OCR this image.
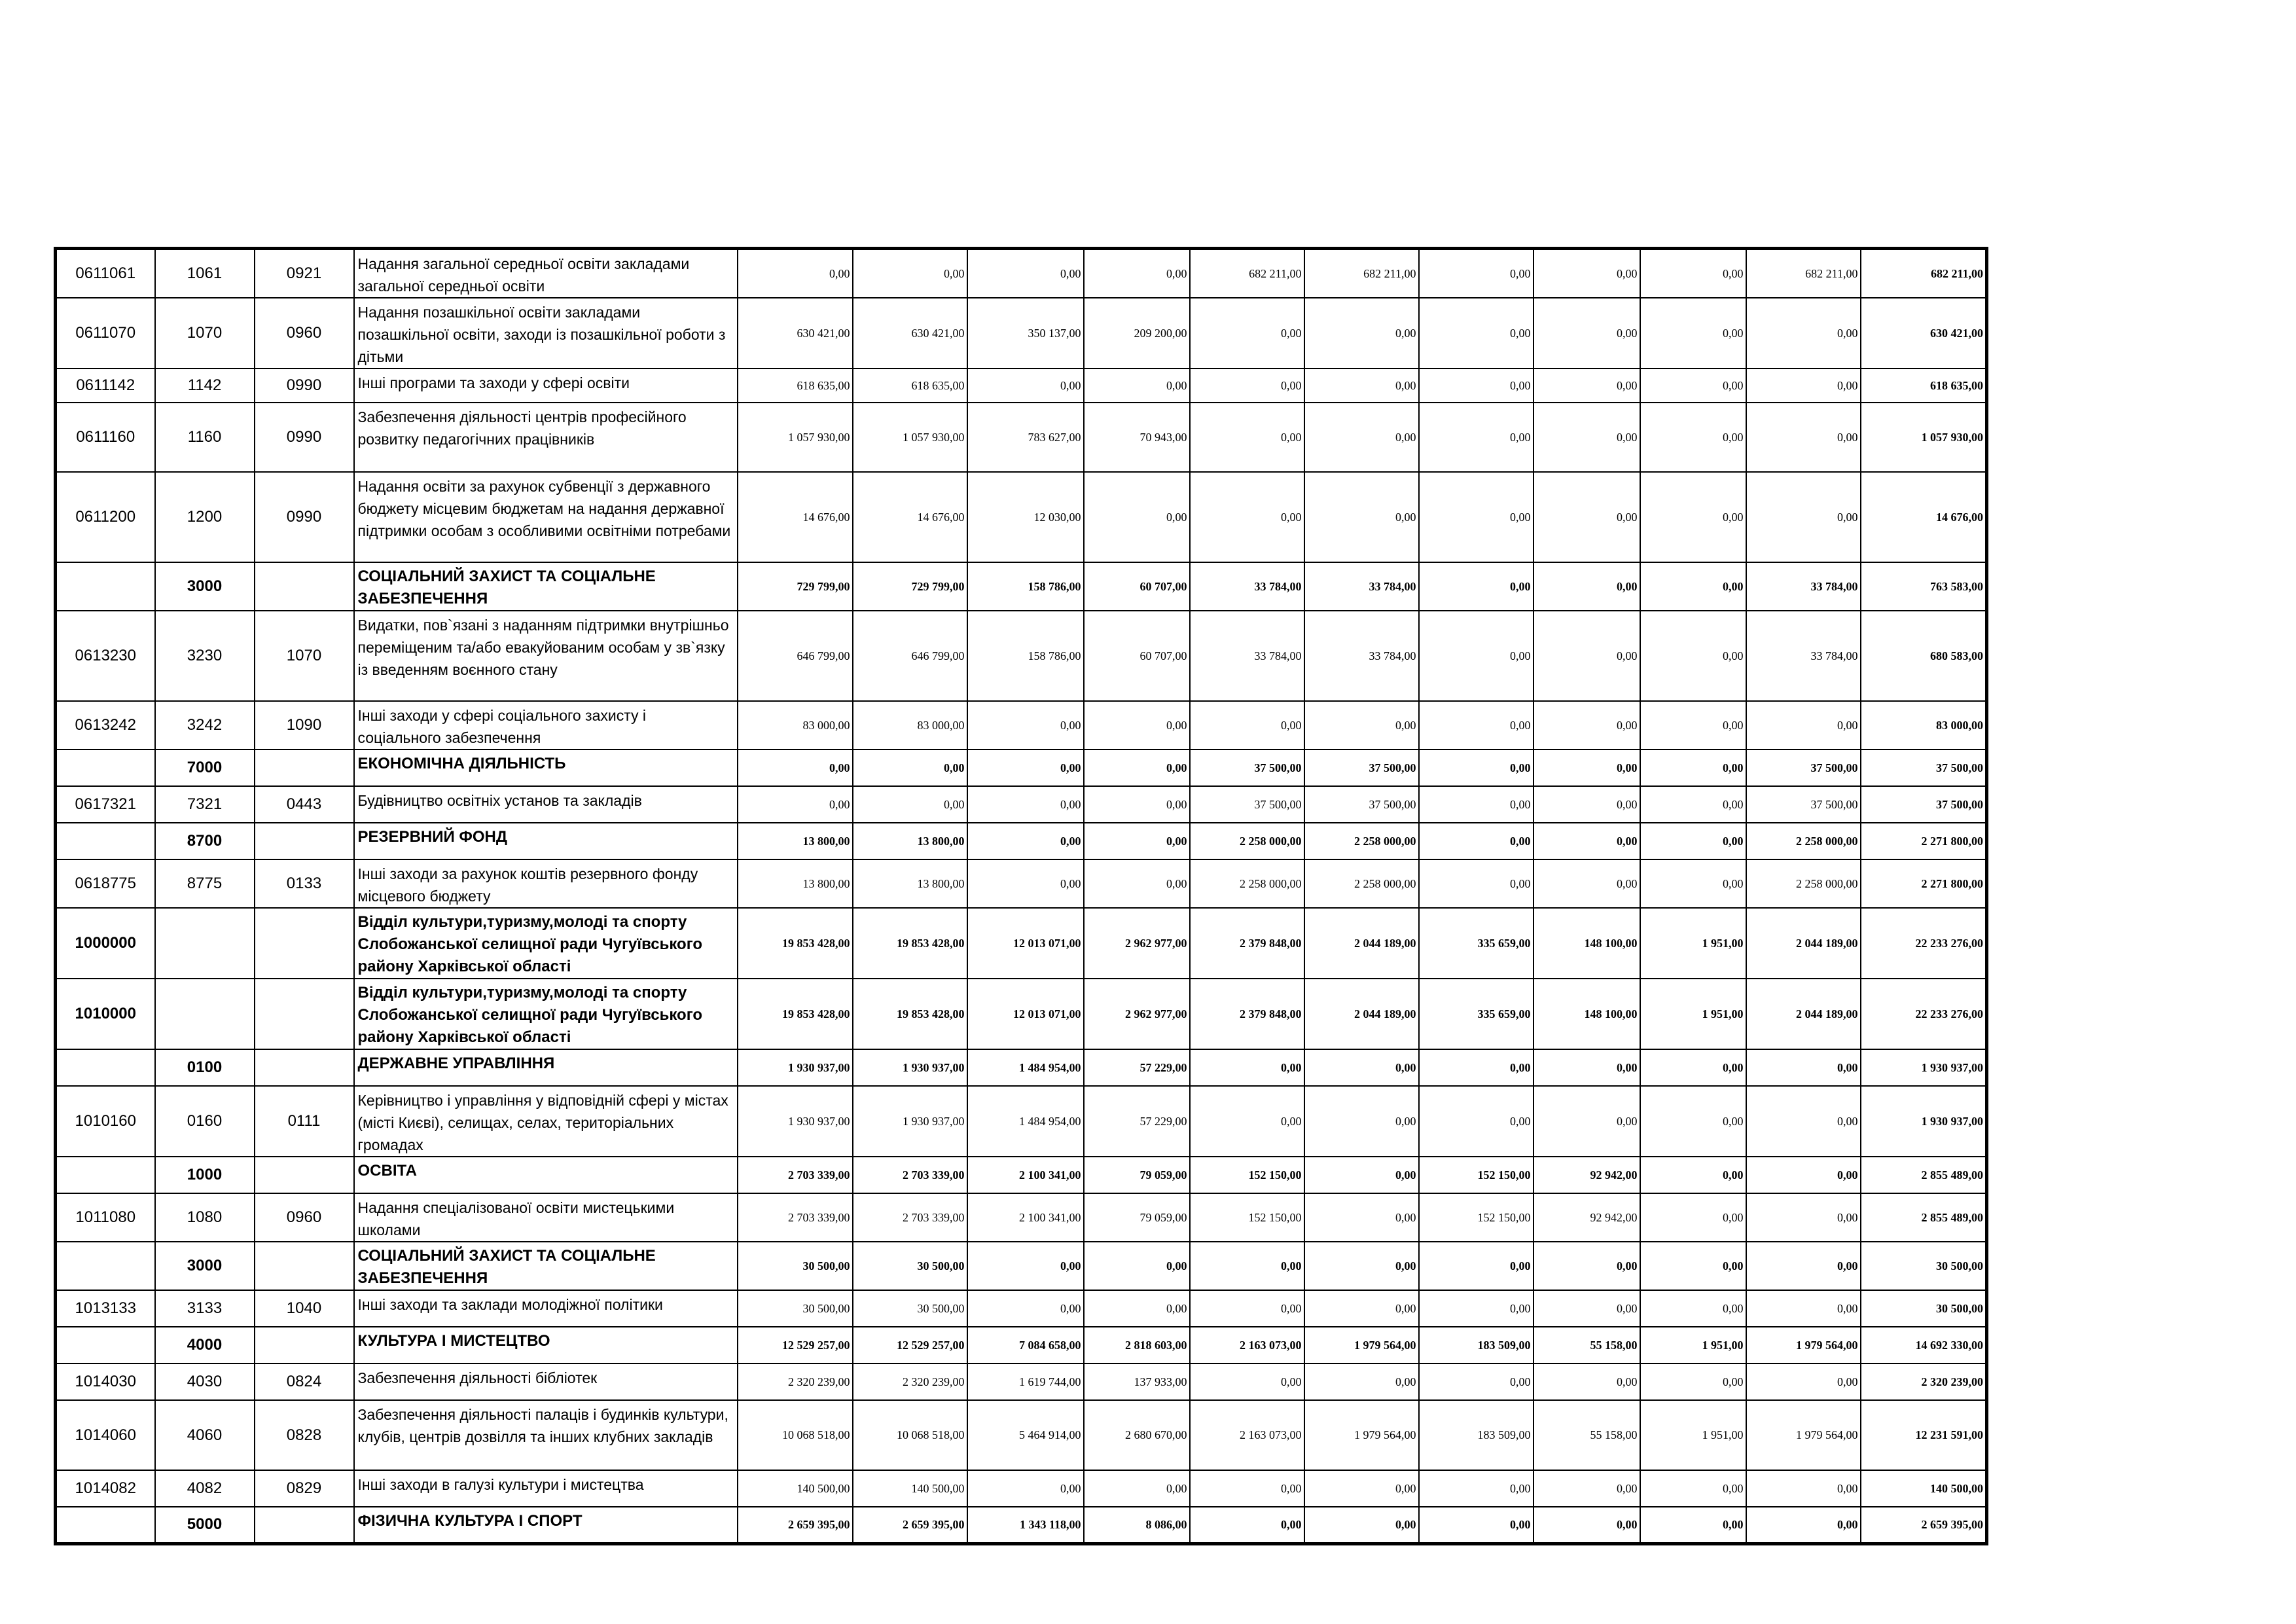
0611061	1061	0921	Надання загальної середньої освіти закладами загальної середньої освіти	0,00	0,00	0,00	0,00	682 211,00	682 211,00	0,00	0,00	0,00	682 211,00	682 211,00
0611070	1070	0960	Надання позашкільної освіти закладами позашкільної освіти, заходи із позашкільної роботи з дітьми	630 421,00	630 421,00	350 137,00	209 200,00	0,00	0,00	0,00	0,00	0,00	0,00	630 421,00
0611142	1142	0990	Інші програми та заходи у сфері освіти	618 635,00	618 635,00	0,00	0,00	0,00	0,00	0,00	0,00	0,00	0,00	618 635,00
0611160	1160	0990	Забезпечення діяльності центрів професійного розвитку педагогічних працівників	1 057 930,00	1 057 930,00	783 627,00	70 943,00	0,00	0,00	0,00	0,00	0,00	0,00	1 057 930,00
0611200	1200	0990	Надання освіти за рахунок субвенції з державного бюджету місцевим бюджетам на надання державної підтримки особам з особливими освітніми потребами	14 676,00	14 676,00	12 030,00	0,00	0,00	0,00	0,00	0,00	0,00	0,00	14 676,00
	3000		СОЦІАЛЬНИЙ ЗАХИСТ ТА СОЦІАЛЬНЕ ЗАБЕЗПЕЧЕННЯ	729 799,00	729 799,00	158 786,00	60 707,00	33 784,00	33 784,00	0,00	0,00	0,00	33 784,00	763 583,00
0613230	3230	1070	Видатки, пов`язані з наданням підтримки внутрішньо переміщеним та/або евакуйованим особам у зв`язку із введенням воєнного стану	646 799,00	646 799,00	158 786,00	60 707,00	33 784,00	33 784,00	0,00	0,00	0,00	33 784,00	680 583,00
0613242	3242	1090	Інші заходи у сфері соціального захисту і соціального забезпечення	83 000,00	83 000,00	0,00	0,00	0,00	0,00	0,00	0,00	0,00	0,00	83 000,00
	7000		ЕКОНОМІЧНА ДІЯЛЬНІСТЬ	0,00	0,00	0,00	0,00	37 500,00	37 500,00	0,00	0,00	0,00	37 500,00	37 500,00
0617321	7321	0443	Будівництво освітніх установ та закладів	0,00	0,00	0,00	0,00	37 500,00	37 500,00	0,00	0,00	0,00	37 500,00	37 500,00
	8700		РЕЗЕРВНИЙ ФОНД	13 800,00	13 800,00	0,00	0,00	2 258 000,00	2 258 000,00	0,00	0,00	0,00	2 258 000,00	2 271 800,00
0618775	8775	0133	Інші заходи за рахунок коштів резервного фонду місцевого бюджету	13 800,00	13 800,00	0,00	0,00	2 258 000,00	2 258 000,00	0,00	0,00	0,00	2 258 000,00	2 271 800,00
1000000			Відділ культури,туризму,молоді та спорту Слобожанської селищної ради Чугуївського району Харківської області	19 853 428,00	19 853 428,00	12 013 071,00	2 962 977,00	2 379 848,00	2 044 189,00	335 659,00	148 100,00	1 951,00	2 044 189,00	22 233 276,00
1010000			Відділ культури,туризму,молоді та спорту Слобожанської селищної ради Чугуївського району Харківської області	19 853 428,00	19 853 428,00	12 013 071,00	2 962 977,00	2 379 848,00	2 044 189,00	335 659,00	148 100,00	1 951,00	2 044 189,00	22 233 276,00
	0100		ДЕРЖАВНЕ УПРАВЛІННЯ	1 930 937,00	1 930 937,00	1 484 954,00	57 229,00	0,00	0,00	0,00	0,00	0,00	0,00	1 930 937,00
1010160	0160	0111	Керівництво і управління у відповідній сфері у містах (місті Києві), селищах, селах, територіальних громадах	1 930 937,00	1 930 937,00	1 484 954,00	57 229,00	0,00	0,00	0,00	0,00	0,00	0,00	1 930 937,00
	1000		ОСВІТА	2 703 339,00	2 703 339,00	2 100 341,00	79 059,00	152 150,00	0,00	152 150,00	92 942,00	0,00	0,00	2 855 489,00
1011080	1080	0960	Надання спеціалізованої освіти мистецькими школами	2 703 339,00	2 703 339,00	2 100 341,00	79 059,00	152 150,00	0,00	152 150,00	92 942,00	0,00	0,00	2 855 489,00
	3000		СОЦІАЛЬНИЙ ЗАХИСТ ТА СОЦІАЛЬНЕ ЗАБЕЗПЕЧЕННЯ	30 500,00	30 500,00	0,00	0,00	0,00	0,00	0,00	0,00	0,00	0,00	30 500,00
1013133	3133	1040	Інші заходи та заклади молодіжної політики	30 500,00	30 500,00	0,00	0,00	0,00	0,00	0,00	0,00	0,00	0,00	30 500,00
	4000		КУЛЬТУРА І МИСТЕЦТВО	12 529 257,00	12 529 257,00	7 084 658,00	2 818 603,00	2 163 073,00	1 979 564,00	183 509,00	55 158,00	1 951,00	1 979 564,00	14 692 330,00
1014030	4030	0824	Забезпечення діяльності бібліотек	2 320 239,00	2 320 239,00	1 619 744,00	137 933,00	0,00	0,00	0,00	0,00	0,00	0,00	2 320 239,00
1014060	4060	0828	Забезпечення діяльності палаців i будинків культури, клубів, центрів дозвілля та iнших клубних закладів	10 068 518,00	10 068 518,00	5 464 914,00	2 680 670,00	2 163 073,00	1 979 564,00	183 509,00	55 158,00	1 951,00	1 979 564,00	12 231 591,00
1014082	4082	0829	Інші заходи в галузі культури і мистецтва	140 500,00	140 500,00	0,00	0,00	0,00	0,00	0,00	0,00	0,00	0,00	140 500,00
	5000		ФІЗИЧНА КУЛЬТУРА І СПОРТ	2 659 395,00	2 659 395,00	1 343 118,00	8 086,00	0,00	0,00	0,00	0,00	0,00	0,00	2 659 395,00
